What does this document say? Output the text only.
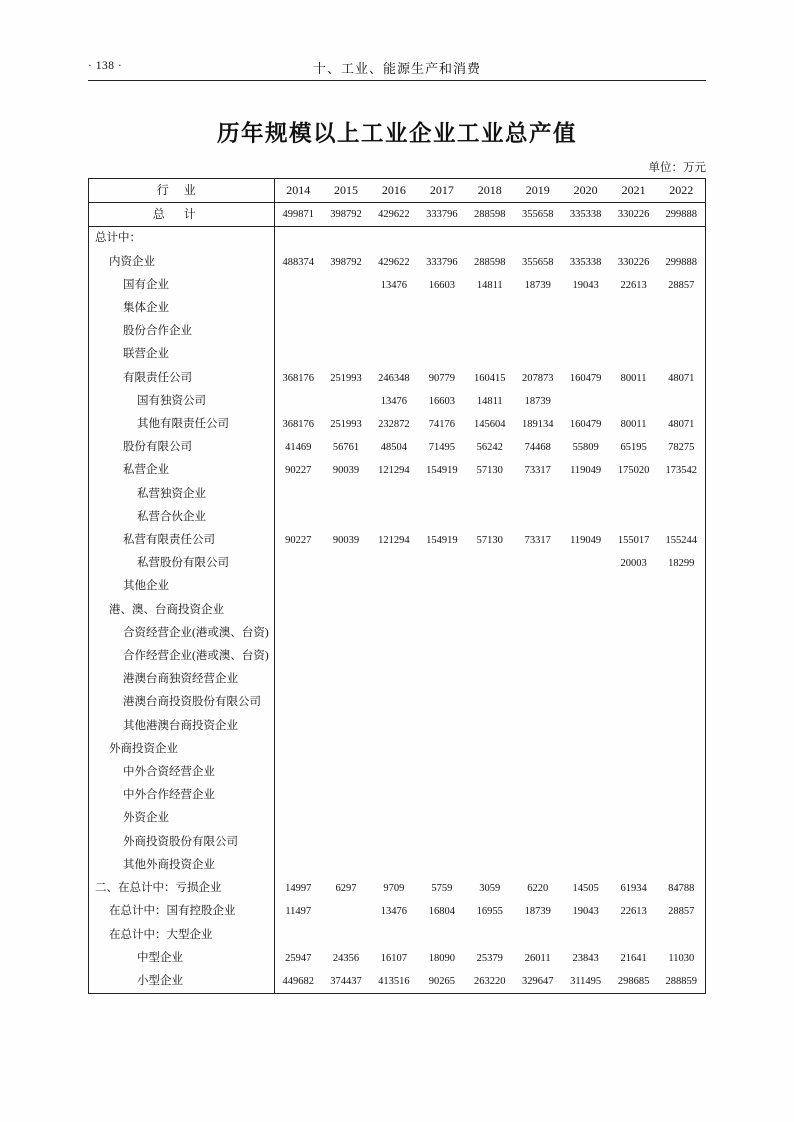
· 138 ·	十、工业、能源生产和消费
历年规模以上工业企业工业总产值
单位：万元
行 业	2014	2015	2016	2017	2018	2019	2020	2021	2022

总 计	499871	398792	429622	333796	288598	355658	335338	330226	299888
总计中：									
内资企业	488374	398792	429622	333796	288598	355658	335338	330226	299888
国有企业			13476	16603	14811	18739	19043	22613	28857
集体企业									
股份合作企业									
联营企业									
有限责任公司	368176	251993	246348	90779	160415	207873	160479	80011	48071
国有独资公司			13476	16603	14811	18739			
其他有限责任公司	368176	251993	232872	74176	145604	189134	160479	80011	48071
股份有限公司	41469	56761	48504	71495	56242	74468	55809	65195	78275
私营企业	90227	90039	121294	154919	57130	73317	119049	175020	173542
私营独资企业									
私营合伙企业									
私营有限责任公司	90227	90039	121294	154919	57130	73317	119049	155017	155244
私营股份有限公司								20003	18299
其他企业									
港、澳、台商投资企业									
合资经营企业(港或澳、台资)									
合作经营企业(港或澳、台资)									
港澳台商独资经营企业									
港澳台商投资股份有限公司									
其他港澳台商投资企业									
外商投资企业									
中外合资经营企业									
中外合作经营企业									
外资企业									
外商投资股份有限公司									
其他外商投资企业									
二、在总计中：亏损企业	14997	6297	9709	5759	3059	6220	14505	61934	84788
在总计中：国有控股企业	11497		13476	16804	16955	18739	19043	22613	28857
在总计中：大型企业									
中型企业	25947	24356	16107	18090	25379	26011	23843	21641	11030
小型企业	449682	374437	413516	90265	263220	329647	311495	298685	288859
